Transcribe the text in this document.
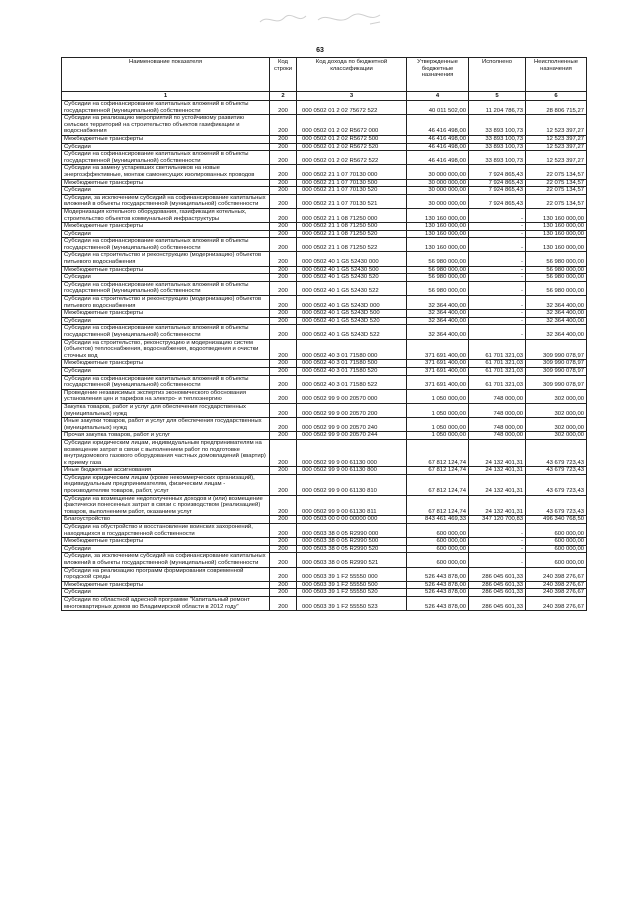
63
Наименование показателя	Код строки	Код дохода по бюджетной классификации	Утвержденные бюджетные назначения	Исполнено	Неисполненные назначения
1	2	3	4	5	6
Субсидии на софинансирование капитальных вложений в объекты государственной (муниципальной) собственности	200	000 0502 01 2 02 75672 522	40 011 502,00	11 204 786,73	28 806 715,27
Субсидии на реализацию мероприятий по устойчивому развитию сельских территорий на строительство объектов газификации и водоснабжения	200	000 0502 01 2 02 R5672 000	46 416 498,00	33 893 100,73	12 523 397,27
Межбюджетные трансферты	200	000 0502 01 2 02 R5672 500	46 416 498,00	33 893 100,73	12 523 397,27
Субсидии	200	000 0502 01 2 02 R5672 520	46 416 498,00	33 893 100,73	12 523 397,27
Субсидии на софинансирование капитальных вложений в объекты государственной (муниципальной) собственности	200	000 0502 01 2 02 R5672 522	46 416 498,00	33 893 100,73	12 523 397,27
Субсидии на замену устаревших светильников на новые энергоэффективные, монтаж самонесущих изолированных проводов	200	000 0502 21 1 07 70130 000	30 000 000,00	7 924 865,43	22 075 134,57
Межбюджетные трансферты	200	000 0502 21 1 07 70130 500	30 000 000,00	7 924 865,43	22 075 134,57
Субсидии	200	000 0502 21 1 07 70130 520	30 000 000,00	7 924 865,43	22 075 134,57
Субсидии, за исключением субсидий на софинансирование капитальных вложений в объекты государственной (муниципальной) собственности	200	000 0502 21 1 07 70130 521	30 000 000,00	7 924 865,43	22 075 134,57
Модернизация котельного оборудования, газификация котельных, строительство объектов коммунальной инфраструктуры	200	000 0502 21 1 08 71250 000	130 160 000,00	-	130 160 000,00
Межбюджетные трансферты	200	000 0502 21 1 08 71250 500	130 160 000,00	-	130 160 000,00
Субсидии	200	000 0502 21 1 08 71250 520	130 160 000,00	-	130 160 000,00
Субсидии на софинансирование капитальных вложений в объекты государственной (муниципальной) собственности	200	000 0502 21 1 08 71250 522	130 160 000,00	-	130 160 000,00
Субсидии на строительство и реконструкцию (модернизацию) объектов питьевого водоснабжения	200	000 0502 40 1 G5 52430 000	56 980 000,00	-	56 980 000,00
Межбюджетные трансферты	200	000 0502 40 1 G5 52430 500	56 980 000,00	-	56 980 000,00
Субсидии	200	000 0502 40 1 G5 52430 520	56 980 000,00	-	56 980 000,00
Субсидии на софинансирование капитальных вложений в объекты государственной (муниципальной) собственности	200	000 0502 40 1 G5 52430 522	56 980 000,00	-	56 980 000,00
Субсидии на строительство и реконструкцию (модернизацию) объектов питьевого водоснабжения	200	000 0502 40 1 G5 5243D 000	32 364 400,00	-	32 364 400,00
Межбюджетные трансферты	200	000 0502 40 1 G5 5243D 500	32 364 400,00	-	32 364 400,00
Субсидии	200	000 0502 40 1 G5 5243D 520	32 364 400,00	-	32 364 400,00
Субсидии на софинансирование капитальных вложений в объекты государственной (муниципальной) собственности	200	000 0502 40 1 G5 5243D 522	32 364 400,00	-	32 364 400,00
Субсидии на строительство, реконструкцию и модернизацию систем (объектов) теплоснабжения, водоснабжения, водоотведения и очистки сточных вод	200	000 0502 40 3 01 71580 000	371 691 400,00	61 701 321,03	309 990 078,97
Межбюджетные трансферты	200	000 0502 40 3 01 71580 500	371 691 400,00	61 701 321,03	309 990 078,97
Субсидии	200	000 0502 40 3 01 71580 520	371 691 400,00	61 701 321,03	309 990 078,97
Субсидии на софинансирование капитальных вложений в объекты государственной (муниципальной) собственности	200	000 0502 40 3 01 71580 522	371 691 400,00	61 701 321,03	309 990 078,97
Проведение независимых экспертиз экономического обоснования установления цен и тарифов на электро- и теплоэнергию	200	000 0502 99 9 00 20570 000	1 050 000,00	748 000,00	302 000,00
Закупка товаров, работ и услуг для обеспечения государственных (муниципальных) нужд	200	000 0502 99 9 00 20570 200	1 050 000,00	748 000,00	302 000,00
Иные закупки товаров, работ и услуг для обеспечения государственных (муниципальных) нужд	200	000 0502 99 9 00 20570 240	1 050 000,00	748 000,00	302 000,00
Прочая закупка товаров, работ и услуг	200	000 0502 99 9 00 20570 244	1 050 000,00	748 000,00	302 000,00
Субсидии юридическим лицам, индивидуальным предпринимателям на возмещение затрат в связи с выполнением работ по подготовке внутридомового газового оборудования частных домовладений (квартир) к приему газа	200	000 0502 99 9 00 61130 000	67 812 124,74	24 132 401,31	43 679 723,43
Иные бюджетные ассигнования	200	000 0502 99 9 00 61130 800	67 812 124,74	24 132 401,31	43 679 723,43
Субсидии юридическим лицам (кроме некоммерческих организаций), индивидуальным предпринимателям, физическим лицам - производителям товаров, работ, услуг	200	000 0502 99 9 00 61130 810	67 812 124,74	24 132 401,31	43 679 723,43
Субсидии на возмещение недополученных доходов и (или) возмещение фактически понесенных затрат в связи с производством (реализацией) товаров, выполнением работ, оказанием услуг	200	000 0502 99 9 00 61130 811	67 812 124,74	24 132 401,31	43 679 723,43
Благоустройство	200	000 0503 00 0 00 00000 000	843 461 469,33	347 120 700,83	496 340 768,50
Субсидии на обустройство и восстановление воинских захоронений, находящихся в государственной собственности	200	000 0503 38 0 05 R2990 000	600 000,00	-	600 000,00
Межбюджетные трансферты	200	000 0503 38 0 05 R2990 500	600 000,00	-	600 000,00
Субсидии	200	000 0503 38 0 05 R2990 520	600 000,00	-	600 000,00
Субсидии, за исключением субсидий на софинансирование капитальных вложений в объекты государственной (муниципальной) собственности	200	000 0503 38 0 05 R2990 521	600 000,00	-	600 000,00
Субсидии на реализацию программ формирования современной городской среды	200	000 0503 39 1 F2 55550 000	526 443 878,00	286 045 601,33	240 398 276,67
Межбюджетные трансферты	200	000 0503 39 1 F2 55550 500	526 443 878,00	286 045 601,33	240 398 276,67
Субсидии	200	000 0503 39 1 F2 55550 520	526 443 878,00	286 045 601,33	240 398 276,67
Субсидии по областной адресной программе "Капитальный ремонт многоквартирных домов во Владимирской области в 2012 году"	200	000 0503 39 1 F2 55550 523	526 443 878,00	286 045 601,33	240 398 276,67
